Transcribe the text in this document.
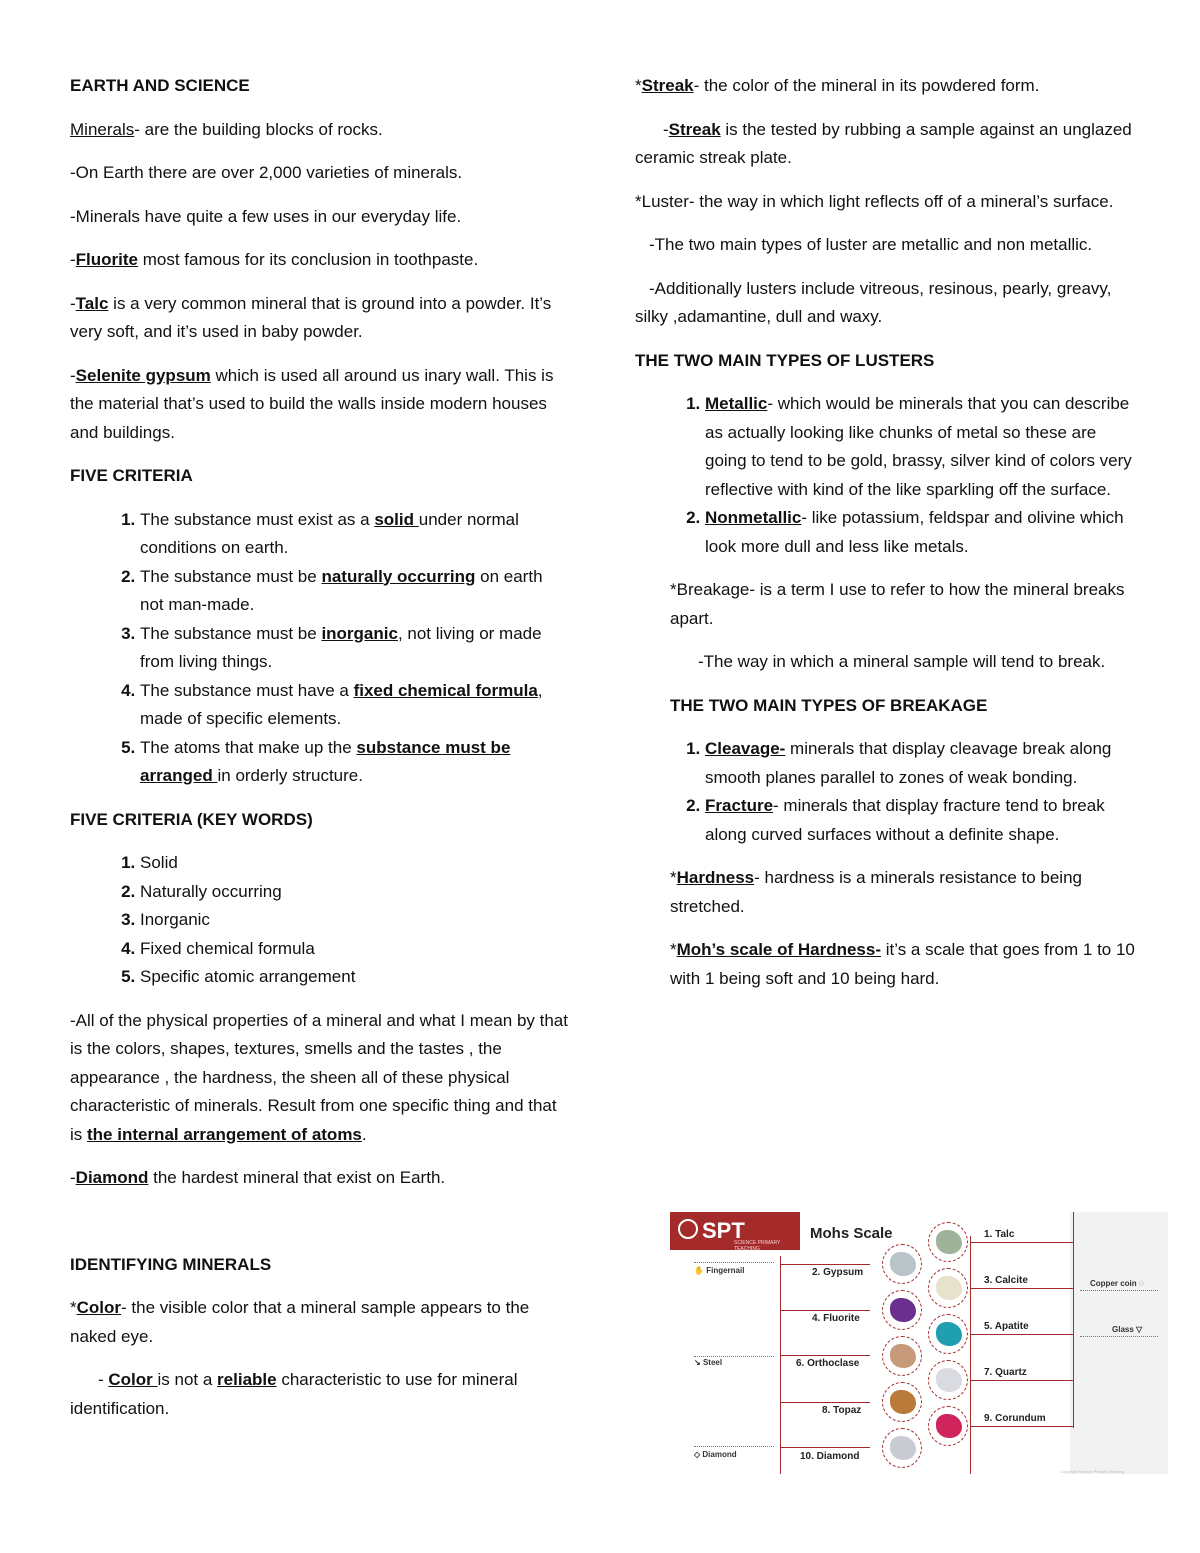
EARTH AND SCIENCE

Minerals- are the building blocks of rocks.

-On Earth there are over 2,000 varieties of minerals.

-Minerals have quite a few uses in our everyday life.

-Fluorite most famous for its conclusion in toothpaste.

-Talc is a very common mineral that is ground into a powder. It’s very soft, and it’s used in baby powder.

-Selenite gypsum which is used all around us inary wall. This is the material that’s used to build the walls inside modern houses and buildings.

FIVE CRITERIA

1. The substance must exist as a solid under normal conditions on earth.
2. The substance must be naturally occurring on earth not man-made.
3. The substance must be inorganic, not living or made from living things.
4. The substance must have a fixed chemical formula, made of specific elements.
5. The atoms that make up the substance must be arranged in orderly structure.

FIVE CRITERIA (KEY WORDS)

1. Solid
2. Naturally occurring
3. Inorganic
4. Fixed chemical formula
5. Specific atomic arrangement

-All of the physical properties of a mineral and what I mean by that is the colors, shapes, textures, smells and the tastes , the appearance , the hardness, the sheen all of these physical characteristic of minerals. Result from one specific thing and that is the internal arrangement of atoms.

-Diamond the hardest mineral that exist on Earth.

IDENTIFYING MINERALS

*Color- the visible color that a mineral sample appears to the naked eye.

- Color is not a reliable characteristic to use for mineral identification.

*Streak- the color of the mineral in its powdered form.

-Streak is the tested by rubbing a sample against an unglazed ceramic streak plate.

*Luster- the way in which light reflects off of a mineral’s surface.

-The two main types of luster are metallic and non metallic.

-Additionally lusters include vitreous, resinous, pearly, greavy, silky ,adamantine, dull and waxy.

THE TWO MAIN TYPES OF LUSTERS

1. Metallic- which would be minerals that you can describe as actually looking like chunks of metal so these are going to tend to be gold, brassy, silver kind of colors very reflective with kind of the like sparkling off the surface.
2. Nonmetallic- like potassium, feldspar and olivine which look more dull and less like metals.

*Breakage- is a term I use to refer to how the mineral breaks apart.

-The way in which a mineral sample will tend to break.

THE TWO MAIN TYPES OF BREAKAGE

1. Cleavage- minerals that display cleavage break along smooth planes parallel to zones of weak bonding.
2. Fracture- minerals that display fracture tend to break along curved surfaces without a definite shape.

*Hardness- hardness is a minerals resistance to being stretched.

*Moh’s scale of Hardness- it’s a scale that goes from 1 to 10 with 1 being soft and 10 being hard.

SPT
SCIENCE PRIMARY TEACHING
Mohs Scale
2. Gypsum
4. Fluorite
6. Orthoclase
8. Topaz
10. Diamond
1. Talc
3. Calcite
5. Apatite
7. Quartz
9. Corundum
✋ Fingernail
↘ Steel
◇ Diamond
Copper coin ◌
Glass ▽
Copyright Science Primary Teaching
